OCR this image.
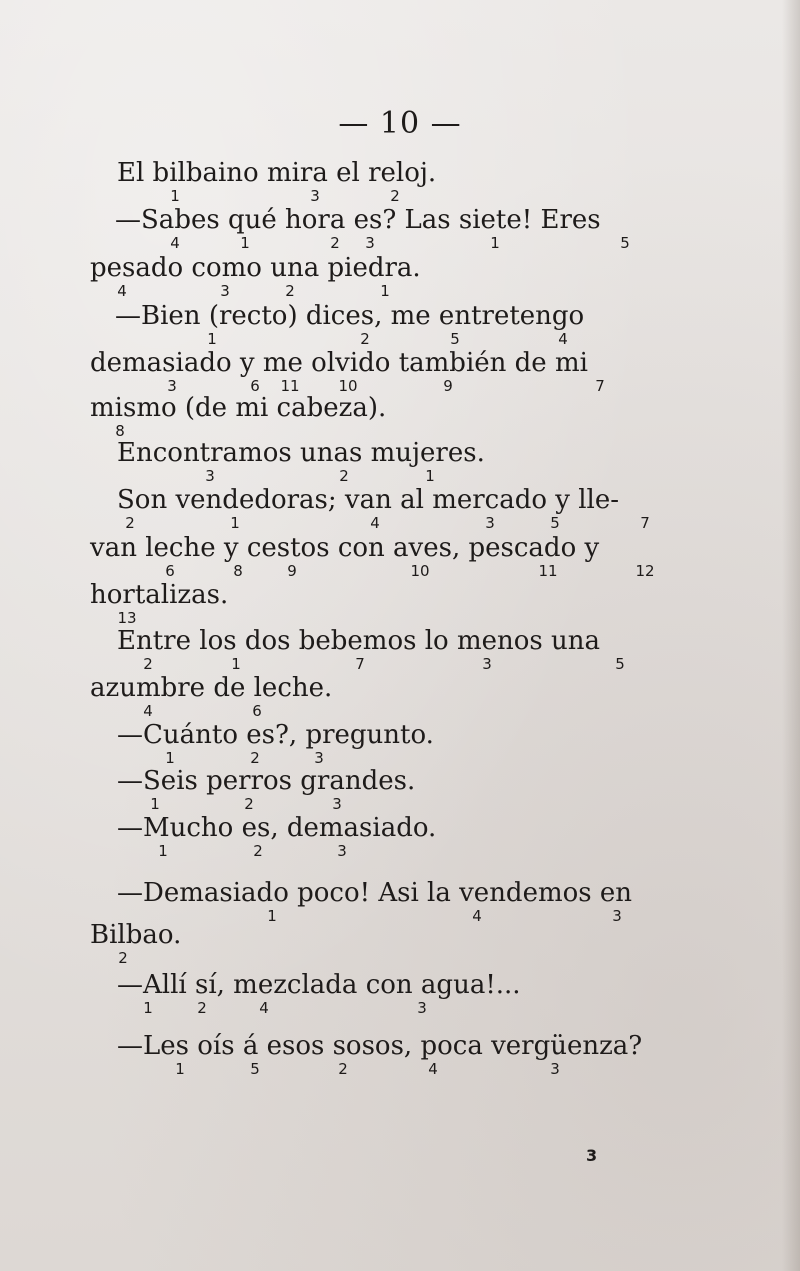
— 10 —
El bilbaino mira el reloj.
1	3	2
—Sabes qué hora es? Las siete! Eres
4	1	2 3	1	5
pesado como una piedra.
4	3	2	1
—Bien (recto) dices, me entretengo
1	2	5	4
demasiado y me olvido también de mi
3	6 11	10	9	7
mismo (de mi cabeza).
8
Encontramos unas mujeres.
3	2	1
Son vendedoras; van al mercado y lle-
2	1	4	3	5	7
van leche y cestos con aves, pescado y
6	8	9	10	11	12
hortalizas.
13
Entre los dos bebemos lo menos una
2	1	7	3	5
azumbre de leche.
4	6
—Cuánto es?, pregunto.
1	2	3
—Seis perros grandes.
1	2	3
—Mucho es, demasiado.
1	2	3
—Demasiado poco! Asi la vendemos en
1	4	3
Bilbao.
2
—Allí sí, mezclada con agua!...
1	2	4	3
—Les oís á esos sosos, poca vergüenza?
1	5	2	4	3
3
